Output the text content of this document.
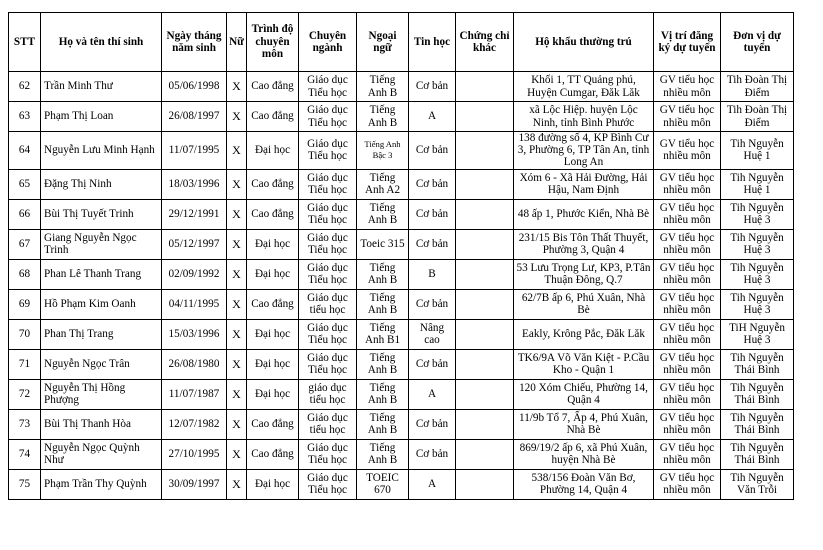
STT	Họ và tên thí sinh	Ngày tháng năm sinh	Nữ	Trình độ chuyên môn	Chuyên ngành	Ngoại ngữ	Tin học	Chứng chỉ khác	Hộ khẩu thường trú	Vị trí đăng ký dự tuyển	Đơn vị dự tuyển
62	Trần Minh Thư	05/06/1998	X	Cao đẳng	Giáo dục Tiểu học	Tiếng Anh B	Cơ bản		Khối 1, TT Quảng phú, Huyện Cumgar, Đăk Lăk	GV tiểu học nhiều môn	Tih Đoàn Thị Điểm
63	Phạm Thị Loan	26/08/1997	X	Cao đẳng	Giáo dục Tiểu học	Tiếng Anh B	A		xã Lộc Hiệp. huyện Lộc Ninh, tỉnh Bình Phước	GV tiểu học nhiều môn	Tih Đoàn Thị Điểm
64	Nguyễn Lưu Minh Hạnh	11/07/1995	X	Đại học	Giáo dục Tiểu học	Tiếng Anh Bậc 3	Cơ bản		138 đường số 4, KP Bình Cư 3, Phường 6, TP Tân An, tỉnh Long An	GV tiểu học nhiều môn	Tih Nguyễn Huệ 1
65	Đặng Thị Ninh	18/03/1996	X	Cao đẳng	Giáo dục Tiểu học	Tiếng Anh A2	Cơ bản		Xóm 6 - Xã Hải Đường, Hải Hậu, Nam Định	GV tiểu học nhiều môn	Tih Nguyễn Huệ 1
66	Bùi Thị Tuyết Trinh	29/12/1991	X	Cao đẳng	Giáo dục Tiểu học	Tiếng Anh B	Cơ bản		48 ấp 1, Phước Kiển, Nhà Bè	GV tiểu học nhiều môn	Tih Nguyễn Huệ 3
67	Giang Nguyễn Ngọc Trinh	05/12/1997	X	Đại học	Giáo dục Tiểu học	Toeic 315	Cơ bản		231/15 Bis Tôn Thất Thuyết, Phường 3, Quận 4	GV tiểu học nhiều môn	Tih Nguyễn Huệ 3
68	Phan Lê Thanh Trang	02/09/1992	X	Đại học	Giáo dục Tiểu học	Tiếng Anh B	B		53 Lưu Trọng Lư, KP3, P.Tân Thuận Đông, Q.7	GV tiểu học nhiều môn	Tih Nguyễn Huệ 3
69	Hồ Phạm Kim Oanh	04/11/1995	X	Cao đẳng	Giáo dục tiểu học	Tiếng Anh B	Cơ bản		62/7B ấp 6, Phú Xuân, Nhà Bè	GV tiểu học nhiều môn	Tih Nguyễn Huệ 3
70	Phan Thị Trang	15/03/1996	X	Đại học	Giáo dục Tiểu học	Tiếng Anh B1	Nâng cao		Eakly, Krông Pắc, Đăk Lăk	GV tiểu học nhiều môn	TiH Nguyễn Huệ 3
71	Nguyễn Ngọc Trân	26/08/1980	X	Đại học	Giáo dục Tiểu học	Tiếng Anh B	Cơ bản		TK6/9A Võ Văn Kiệt - P.Cầu Kho - Quận 1	GV tiểu học nhiều môn	Tih Nguyễn Thái Bình
72	Nguyễn Thị Hồng Phượng	11/07/1987	X	Đại học	giáo dục tiểu học	Tiếng Anh B	A		120 Xóm Chiếu, Phường 14, Quận 4	GV tiểu học nhiều môn	Tih Nguyễn Thái Bình
73	Bùi Thị Thanh Hòa	12/07/1982	X	Cao đẳng	Giáo dục tiểu học	Tiếng Anh B	Cơ bản		11/9b Tổ 7, Ấp 4, Phú Xuân, Nhà Bè	GV tiểu học nhiều môn	Tih Nguyễn Thái Bình
74	Nguyễn Ngọc Quỳnh Như	27/10/1995	X	Cao đẳng	Giáo dục Tiểu học	Tiếng Anh B	Cơ bản		869/19/2 ấp 6, xã Phú Xuân, huyện Nhà Bè	GV tiểu học nhiều môn	Tih Nguyễn Thái Bình
75	Phạm Trần Thy Quỳnh	30/09/1997	X	Đại học	Giáo dục Tiểu học	TOEIC 670	A		538/156 Đoàn Văn Bơ, Phường 14, Quận 4	GV tiểu học nhiều môn	Tih Nguyễn Văn Trỗi
